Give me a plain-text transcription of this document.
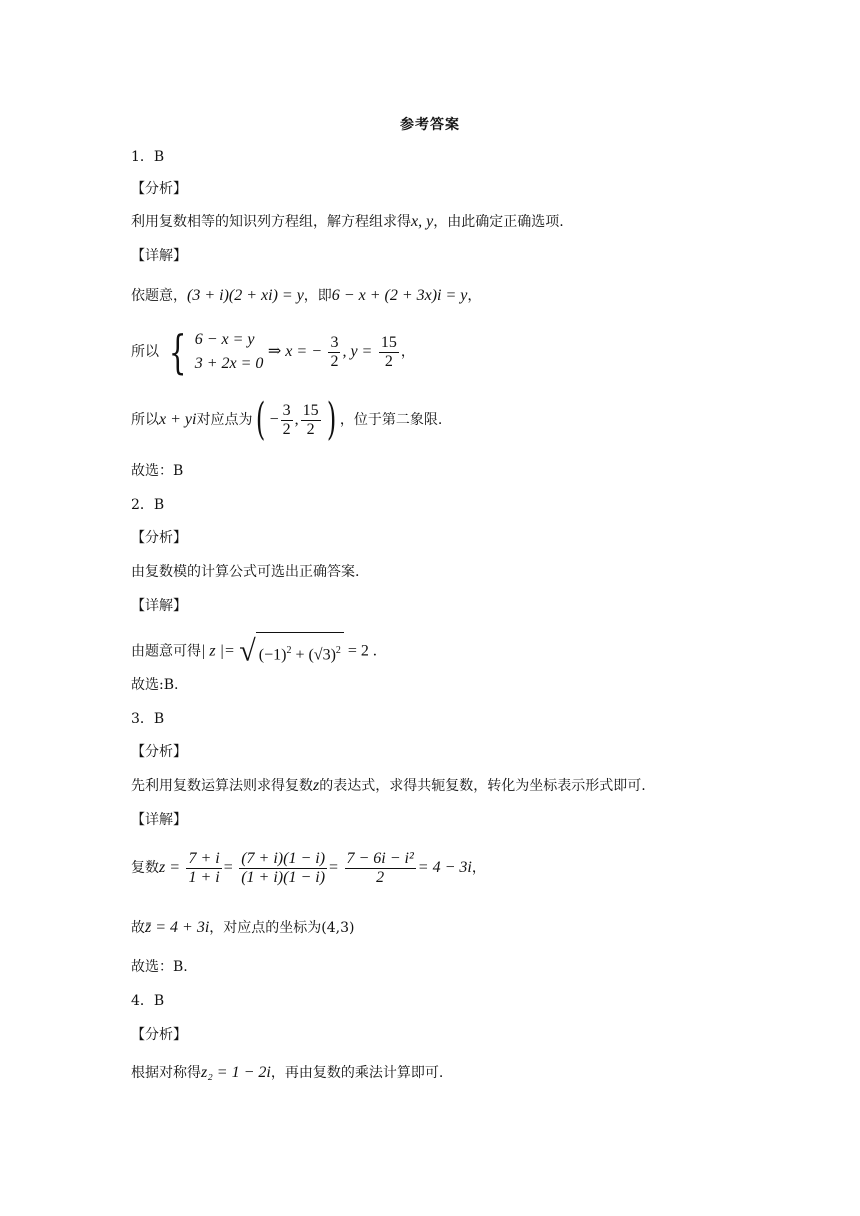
参考答案
1．B
【分析】
利用复数相等的知识列方程组，解方程组求得x, y，由此确定正确选项.
【详解】
依题意，(3 + i)(2 + xi) = y，即6 − x + (2 + 3x)i = y，
所以 { 6 − x = y
3 + 2x = 0
⇒ x = − $\frac{3}{2}$ , $y = \frac{15}{2}$ ，
所以x + yi对应点为( − $\frac{3}{2}$ , $\frac{15}{2}$ ) ，位于第二象限.
故选：B
2．B
【分析】
由复数模的计算公式可选出正确答案.
【详解】
由题意可得| z |= √ $(-1)^2 + (√3)^2 = 2$ .
故选:B.
3．B
【分析】
先利用复数运算法则求得复数z的表达式，求得共轭复数，转化为坐标表示形式即可.
【详解】
复数$z = \frac{7 + i}{1 + i} = \frac{(7 + i)(1 - i)}{(1 + i)(1 - i)} = \frac{\text{7 − 6i − i²}}{2} = 4 - 3i$，
故z̄ = 4 + 3i，对应点的坐标为(4,3)
故选：B.
4．B
【分析】
根据对称得z₂ = 1 − 2i，再由复数的乘法计算即可.
